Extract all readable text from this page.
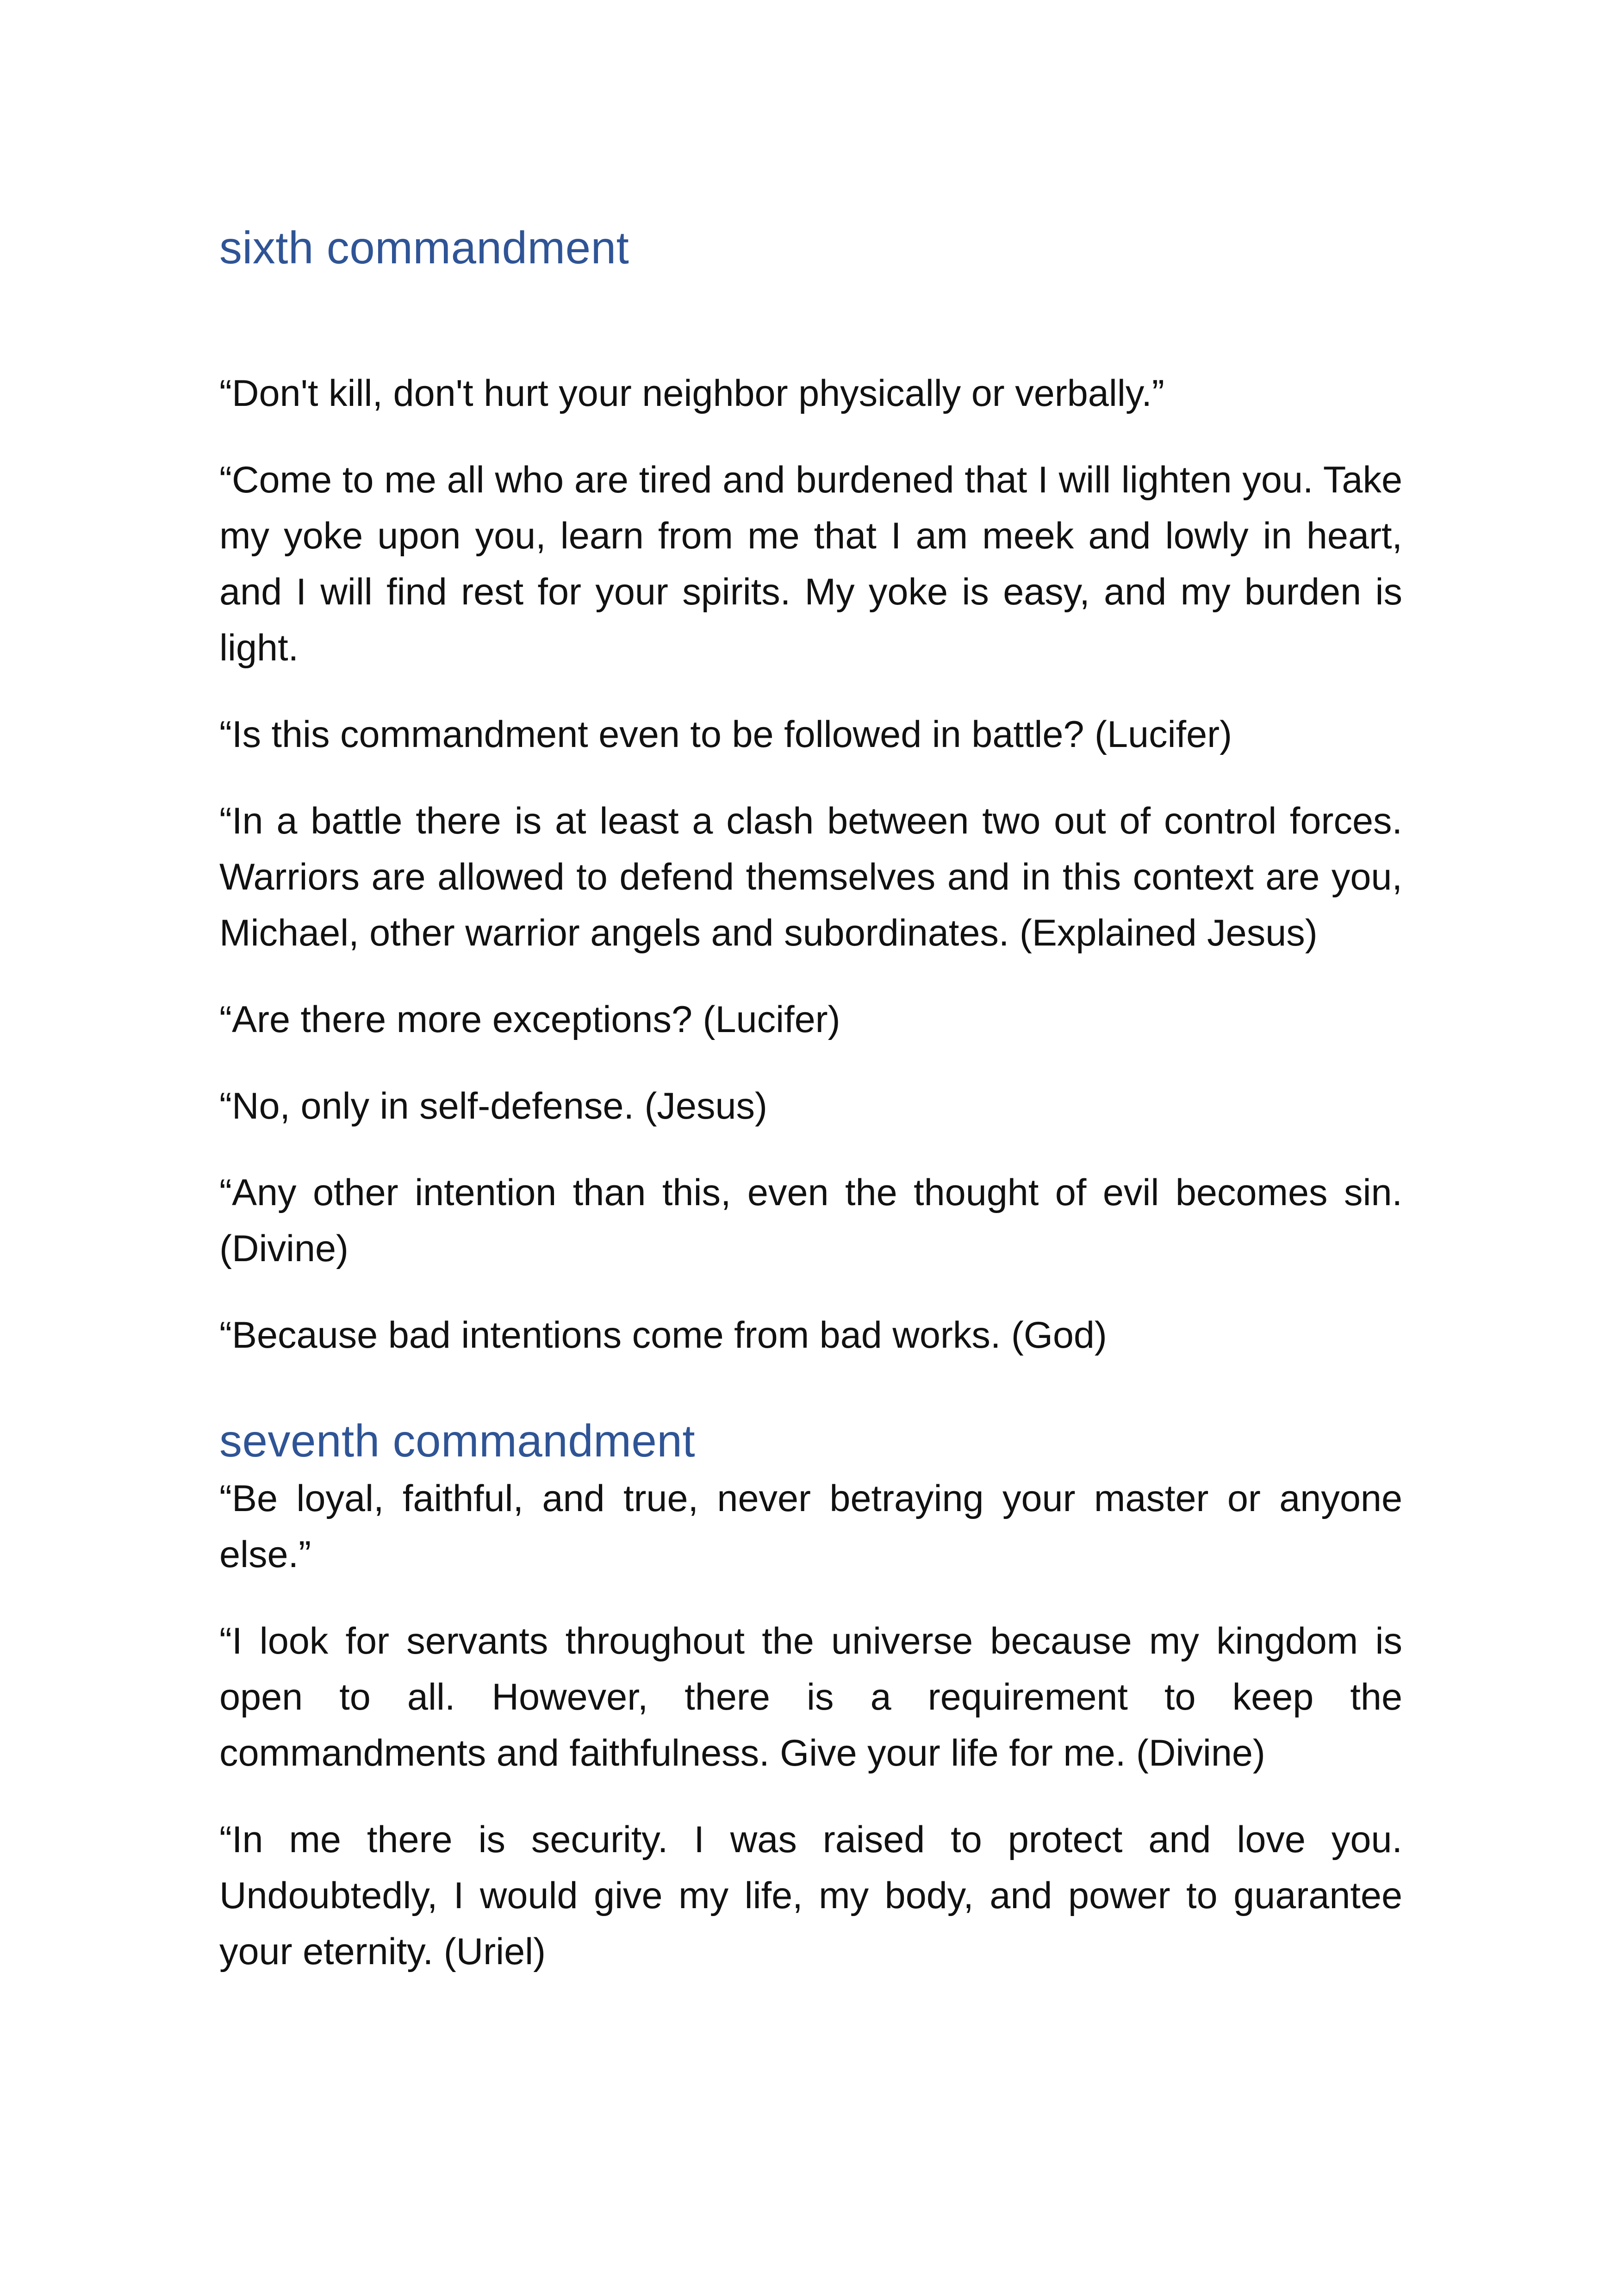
sixth commandment

“Don't kill, don't hurt your neighbor physically or verbally.”

“Come to me all who are tired and burdened that I will lighten you. Take my yoke upon you, learn from me that I am meek and lowly in heart, and I will find rest for your spirits. My yoke is easy, and my burden is light.

“Is this commandment even to be followed in battle? (Lucifer)

“In a battle there is at least a clash between two out of control forces. Warriors are allowed to defend themselves and in this context are you, Michael, other warrior angels and subordinates. (Explained Jesus)

“Are there more exceptions? (Lucifer)

“No, only in self-defense. (Jesus)

“Any other intention than this, even the thought of evil becomes sin. (Divine)

“Because bad intentions come from bad works. (God)

seventh commandment

“Be loyal, faithful, and true, never betraying your master or anyone else.”

“I look for servants throughout the universe because my kingdom is open to all. However, there is a requirement to keep the commandments and faithfulness. Give your life for me. (Divine)

“In me there is security. I was raised to protect and love you. Undoubtedly, I would give my life, my body, and power to guarantee your eternity. (Uriel)
